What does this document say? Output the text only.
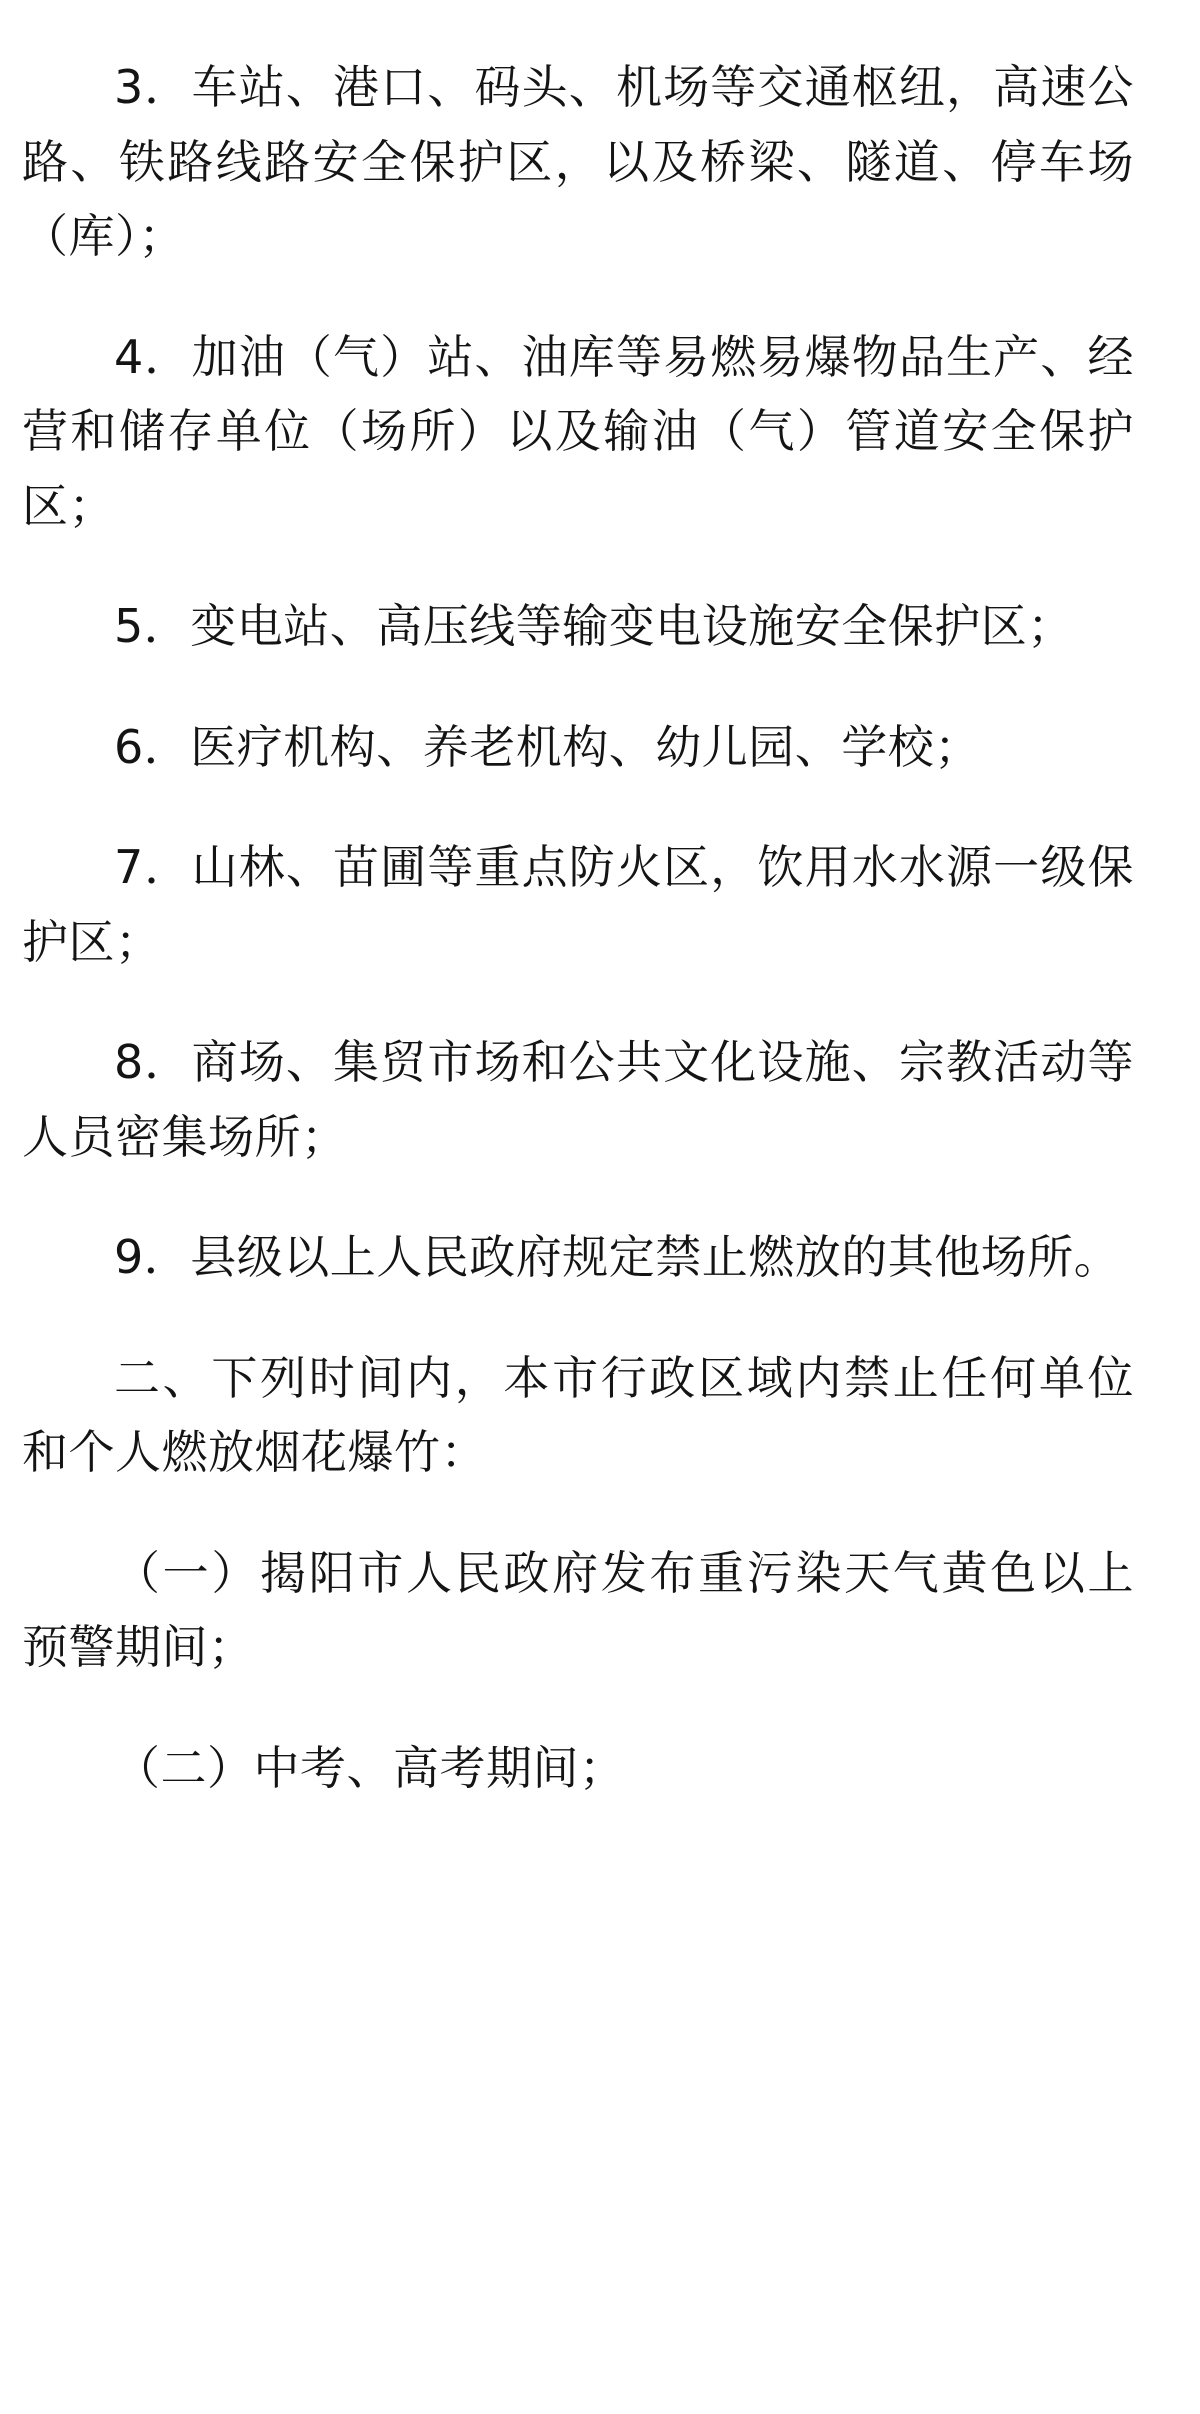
3．车站、港口、码头、机场等交通枢纽，高速公路、铁路线路安全保护区，以及桥梁、隧道、停车场（库）；

4．加油（气）站、油库等易燃易爆物品生产、经营和储存单位（场所）以及输油（气）管道安全保护区；

5．变电站、高压线等输变电设施安全保护区；

6．医疗机构、养老机构、幼儿园、学校；

7．山林、苗圃等重点防火区，饮用水水源一级保护区；

8．商场、集贸市场和公共文化设施、宗教活动等人员密集场所；

9．县级以上人民政府规定禁止燃放的其他场所。

二、下列时间内，本市行政区域内禁止任何单位和个人燃放烟花爆竹：

（一）揭阳市人民政府发布重污染天气黄色以上预警期间；

（二）中考、高考期间；
